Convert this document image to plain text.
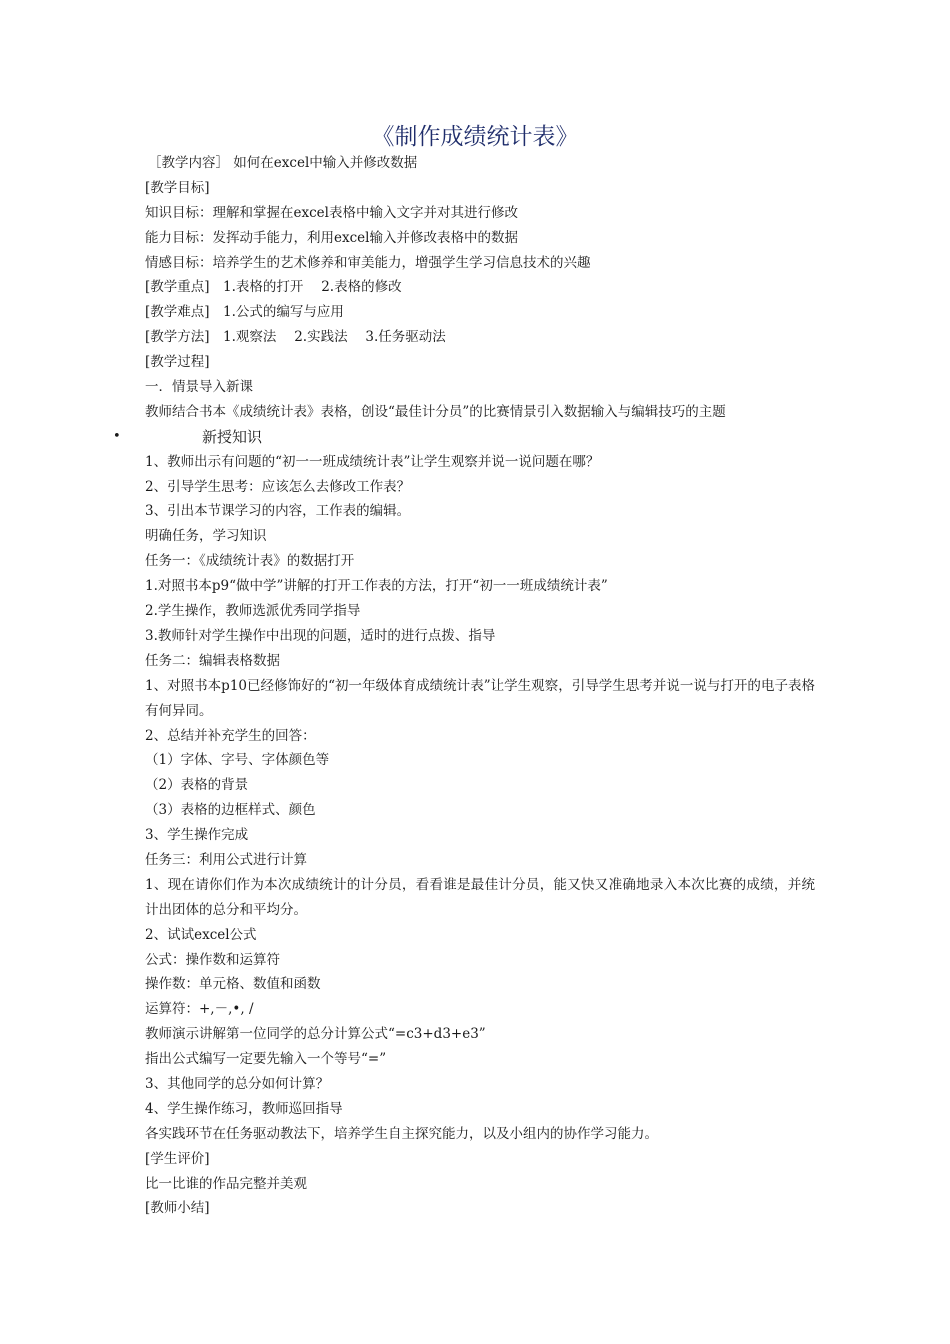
《制作成绩统计表》
［教学内容］ 如何在excel中输入并修改数据
[教学目标]
知识目标：理解和掌握在excel表格中输入文字并对其进行修改
能力目标：发挥动手能力，利用excel输入并修改表格中的数据
情感目标：培养学生的艺术修养和审美能力，增强学生学习信息技术的兴趣
[教学重点]　1.表格的打开　 2.表格的修改
[教学难点]　1.公式的编写与应用
[教学方法]　1.观察法　 2.实践法　 3.任务驱动法
[教学过程]
一．情景导入新课
教师结合书本《成绩统计表》表格，创设“最佳计分员”的比赛情景引入数据输入与编辑技巧的主题
•	新授知识
1、教师出示有问题的“初一一班成绩统计表”让学生观察并说一说问题在哪？
2、引导学生思考：应该怎么去修改工作表？
3、引出本节课学习的内容，工作表的编辑。
明确任务，学习知识
任务一：《成绩统计表》的数据打开
1.对照书本p9“做中学”讲解的打开工作表的方法，打开“初一一班成绩统计表”
2.学生操作，教师选派优秀同学指导
3.教师针对学生操作中出现的问题，适时的进行点拨、指导
任务二：编辑表格数据
1、对照书本p10已经修饰好的“初一年级体育成绩统计表”让学生观察，引导学生思考并说一说与打开的电子表格有何异同。
2、总结并补充学生的回答：
（1）字体、字号、字体颜色等
（2）表格的背景
（3）表格的边框样式、颜色
3、学生操作完成
任务三：利用公式进行计算
1、现在请你们作为本次成绩统计的计分员，看看谁是最佳计分员，能又快又准确地录入本次比赛的成绩，并统计出团体的总分和平均分。
2、试试excel公式
公式：操作数和运算符
操作数：单元格、数值和函数
运算符：+,－,•, /
教师演示讲解第一位同学的总分计算公式“=c3+d3+e3”
指出公式编写一定要先输入一个等号“=”
3、其他同学的总分如何计算？
4、学生操作练习，教师巡回指导
各实践环节在任务驱动教法下，培养学生自主探究能力，以及小组内的协作学习能力。
[学生评价]
比一比谁的作品完整并美观
[教师小结]
